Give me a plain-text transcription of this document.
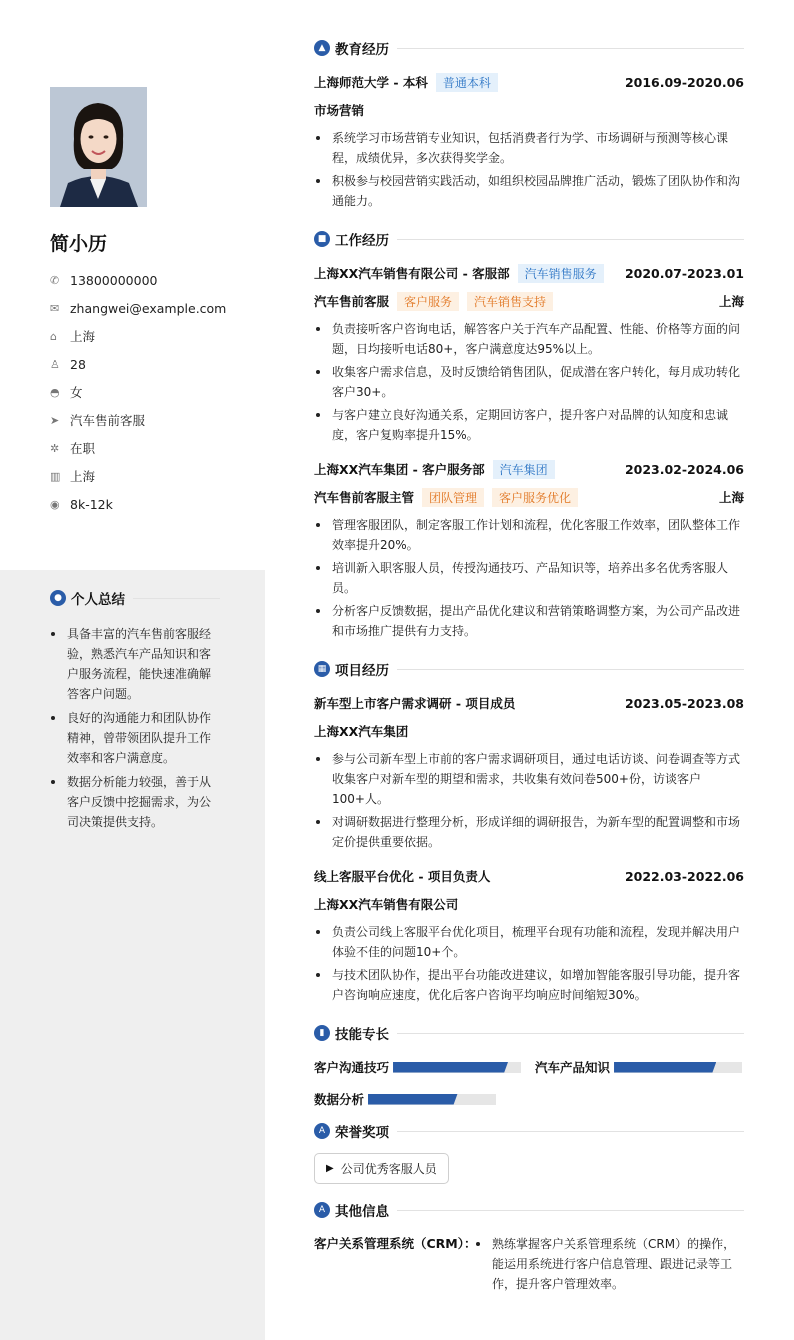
简小历
✆ 13800000000
✉ zhangwei@example.com
⌂	上海
♙ 28
◓ 女
➤ 汽车售前客服
✲ 在职
▥ 上海
◉ 8k-12k
● 个人总结
具备丰富的汽车售前客服经验，熟悉汽车产品知识和客户服务流程，能快速准确解答客户问题。
良好的沟通能力和团队协作精神，曾带领团队提升工作效率和客户满意度。
数据分析能力较强，善于从客户反馈中挖掘需求，为公司决策提供支持。
▲ 教育经历
上海师范大学 - 本科	普通本科	2016.09-2020.06
市场营销
系统学习市场营销专业知识，包括消费者行为学、市场调研与预测等核心课程，成绩优异，多次获得奖学金。
积极参与校园营销实践活动，如组织校园品牌推广活动，锻炼了团队协作和沟通能力。
■ 工作经历
上海XX汽车销售有限公司 - 客服部	汽车销售服务	2020.07-2023.01
汽车售前客服	客户服务	汽车销售支持	上海
负责接听客户咨询电话，解答客户关于汽车产品配置、性能、价格等方面的问题，日均接听电话80+，客户满意度达95%以上。
收集客户需求信息，及时反馈给销售团队，促成潜在客户转化，每月成功转化客户30+。
与客户建立良好沟通关系，定期回访客户，提升客户对品牌的认知度和忠诚度，客户复购率提升15%。
上海XX汽车集团 - 客户服务部	汽车集团	2023.02-2024.06
汽车售前客服主管	团队管理	客户服务优化	上海
管理客服团队，制定客服工作计划和流程，优化客服工作效率，团队整体工作效率提升20%。
培训新入职客服人员，传授沟通技巧、产品知识等，培养出多名优秀客服人员。
分析客户反馈数据，提出产品优化建议和营销策略调整方案，为公司产品改进和市场推广提供有力支持。
▦ 项目经历
新车型上市客户需求调研 - 项目成员	2023.05-2023.08
上海XX汽车集团
参与公司新车型上市前的客户需求调研项目，通过电话访谈、问卷调查等方式收集客户对新车型的期望和需求，共收集有效问卷500+份，访谈客户100+人。
对调研数据进行整理分析，形成详细的调研报告，为新车型的配置调整和市场定价提供重要依据。
线上客服平台优化 - 项目负责人	2022.03-2022.06
上海XX汽车销售有限公司
负责公司线上客服平台优化项目，梳理平台现有功能和流程，发现并解决用户体验不佳的问题10+个。
与技术团队协作，提出平台功能改进建议，如增加智能客服引导功能，提升客户咨询响应速度，优化后客户咨询平均响应时间缩短30%。
▮ 技能专长
客户沟通技巧	汽车产品知识
数据分析
A 荣誉奖项
▶ 公司优秀客服人员
A 其他信息
客户关系管理系统（CRM）：	熟练掌握客户关系管理系统（CRM）的操作，能运用系统进行客户信息管理、跟进记录等工作，提升客户管理效率。
